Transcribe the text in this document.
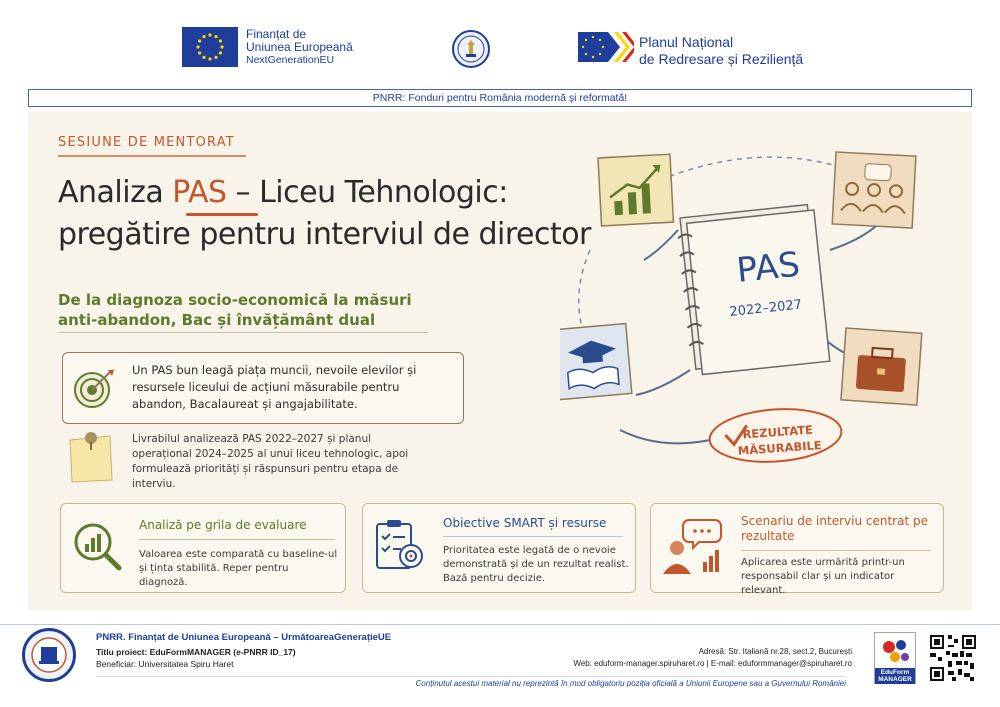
Finanțat de
Uniunea Europeană
NextGenerationEU
Planul Național
de Redresare și Reziliență
PNRR: Fonduri pentru România modernă și reformată!
SESIUNE DE MENTORAT
Analiza PAS – Liceu Tehnologic:
pregătire pentru interviul de director
De la diagnoza socio-economică la măsuri
anti-abandon, Bac și învățământ dual
Un PAS bun leagă piața muncii, nevoile elevilor și resursele liceului de acțiuni măsurabile pentru abandon, Bacalaureat și angajabilitate.
Livrabilul analizează PAS 2022–2027 și planul operațional 2024–2025 al unui liceu tehnologic, apoi formulează priorități și răspunsuri pentru etapa de interviu.
PAS
2022–2027
REZULTATE
MĂSURABILE
Analiză pe grila de evaluare
Valoarea este comparată cu baseline-ul și ținta stabilită. Reper pentru diagnoză.
Obiective SMART și resurse
Prioritatea este legată de o nevoie demonstrată și de un rezultat realist. Bază pentru decizie.
Scenariu de interviu centrat pe rezultate
Aplicarea este urmărită printr-un responsabil clar și un indicator relevant.
PNRR. Finanțat de Uniunea Europeană – UrmătoareaGenerațieUE
Titlu proiect: EduFormMANAGER (e-PNRR ID_17)
Beneficiar: Universitatea Spiru Haret
Adresă: Str. Italiană nr.28, sect.2, București
Web: eduform-manager.spiruharet.ro | E-mail: eduformmanager@spiruharet.ro
Conținutul acestui material nu reprezintă în mod obligatoriu poziția oficială a Uniunii Europene sau a Guvernului României
EduForm
MANAGER
